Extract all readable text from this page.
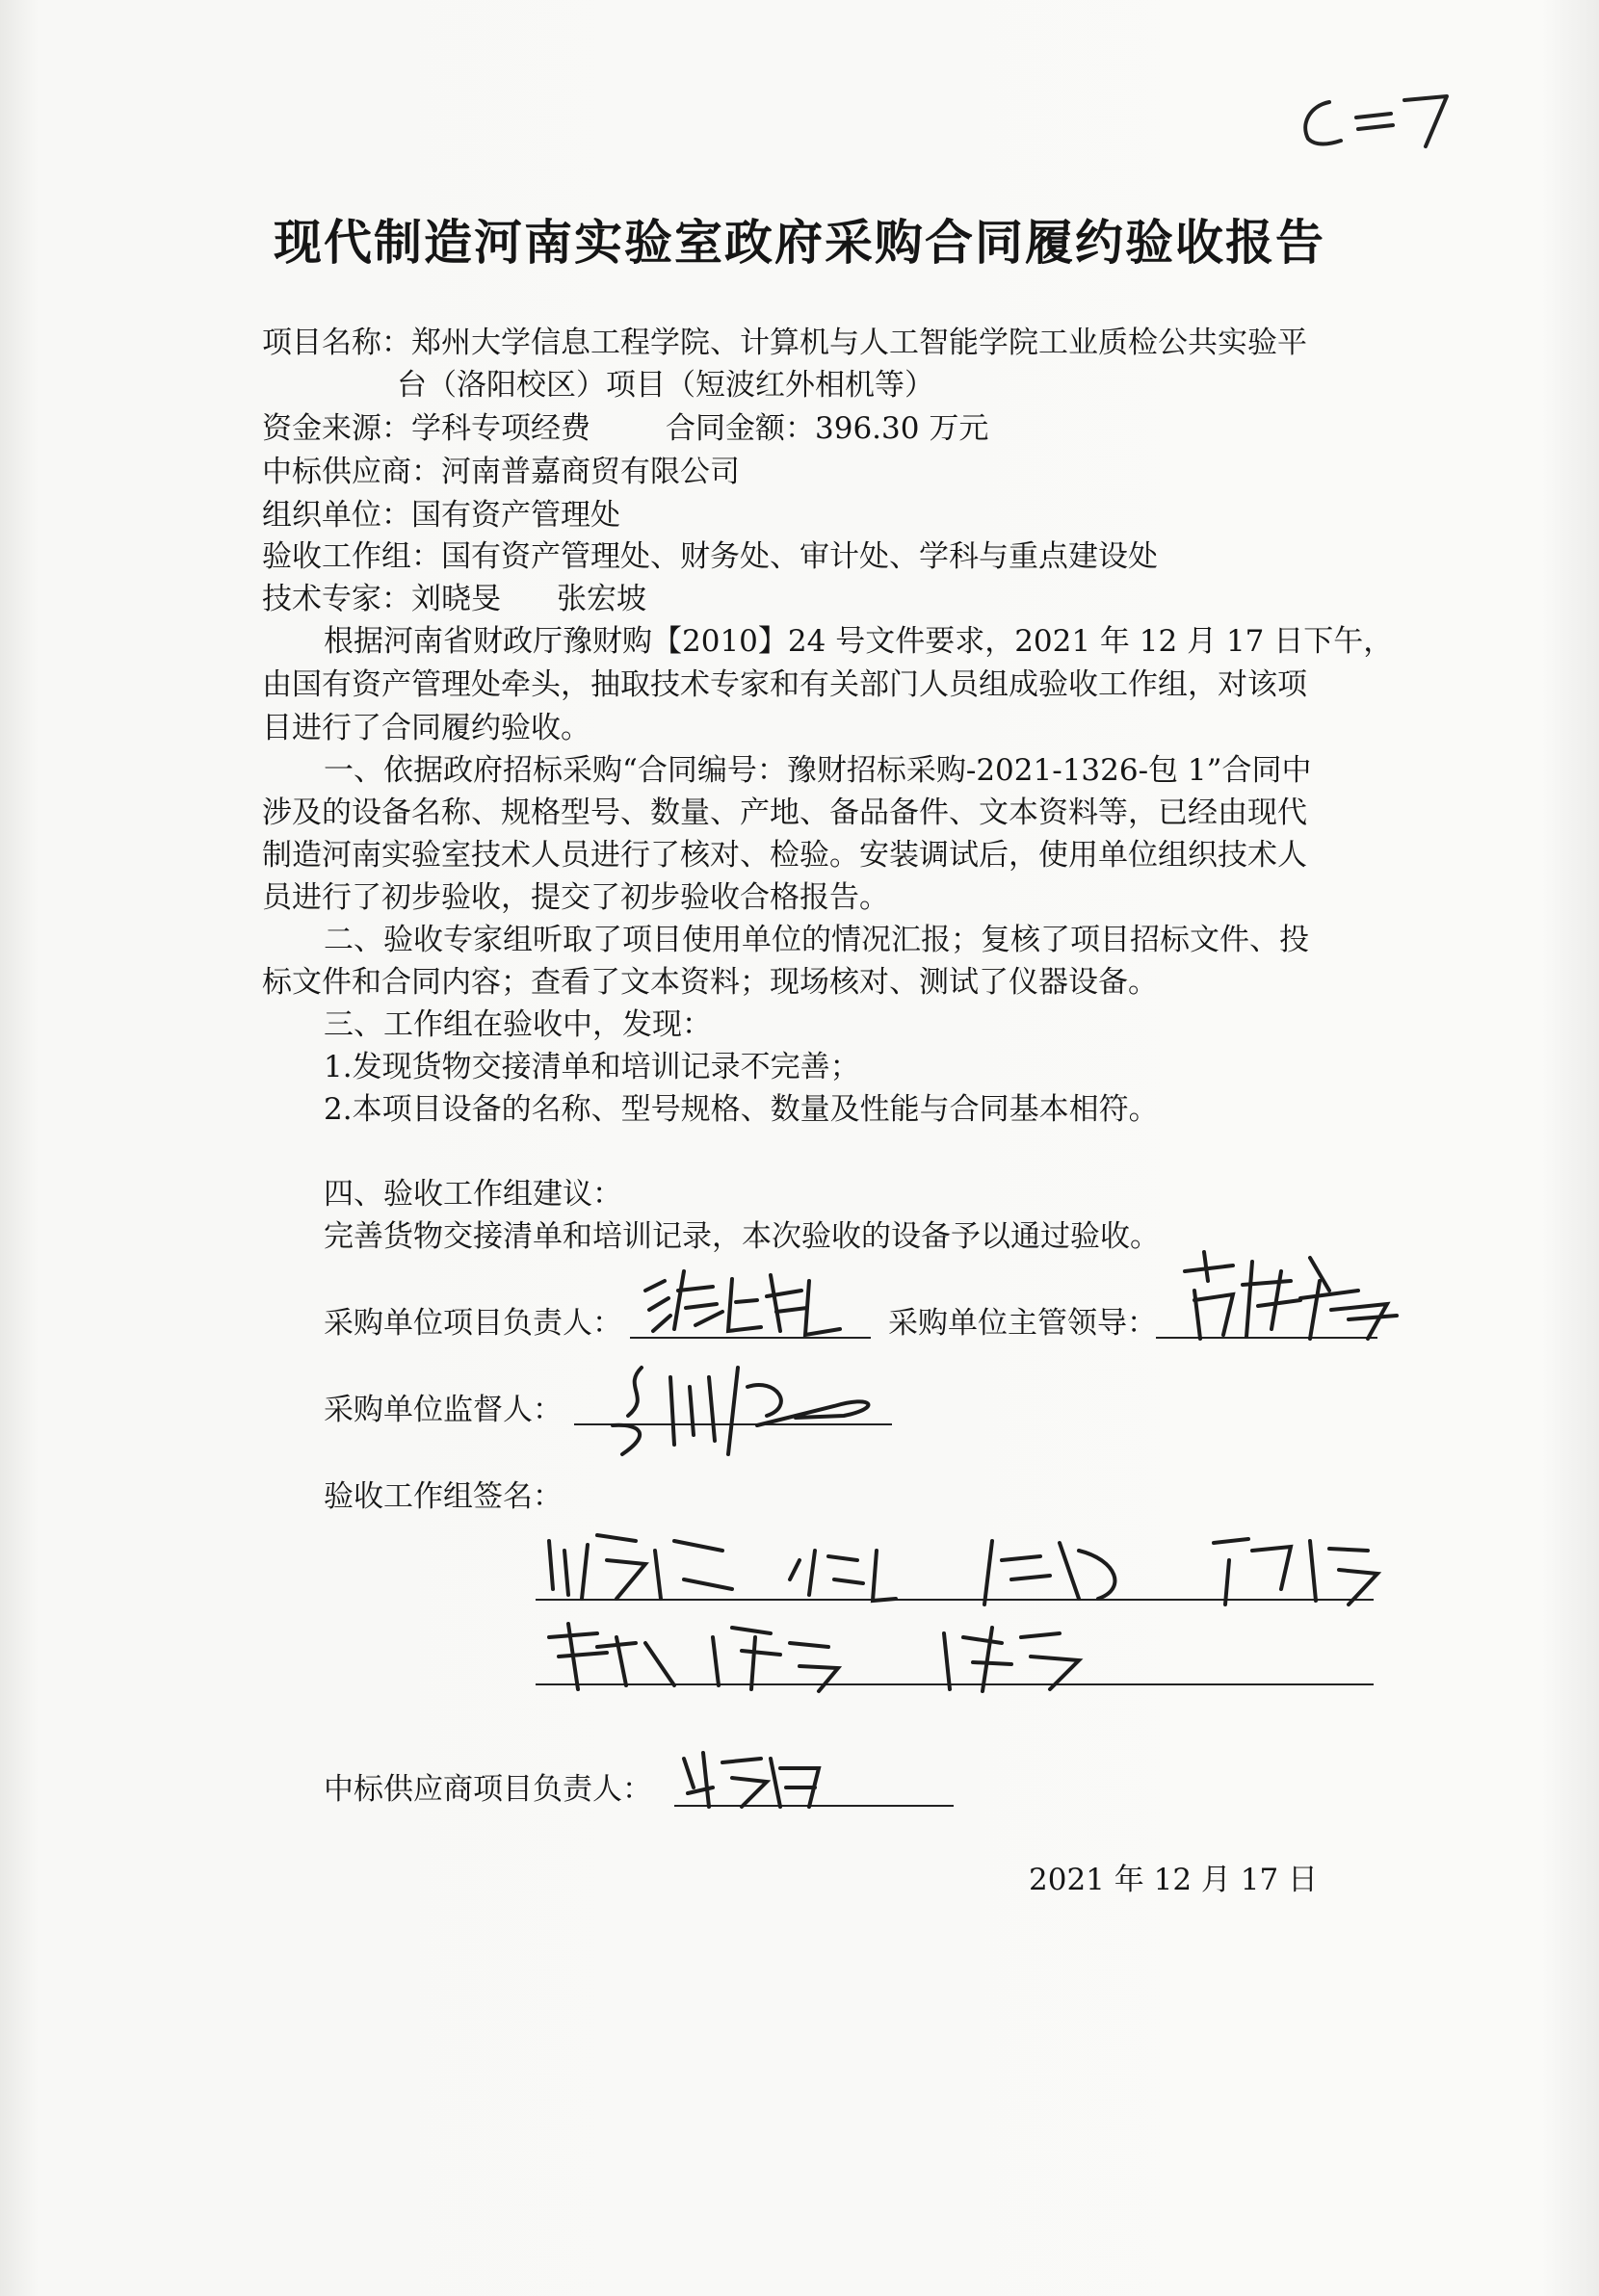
现代制造河南实验室政府采购合同履约验收报告
项目名称：郑州大学信息工程学院、计算机与人工智能学院工业质检公共实验平
台（洛阳校区）项目（短波红外相机等）
资金来源：学科专项经费	合同金额：396.30 万元
中标供应商：河南普嘉商贸有限公司
组织单位：国有资产管理处
验收工作组：国有资产管理处、财务处、审计处、学科与重点建设处
技术专家：刘晓旻 张宏坡
根据河南省财政厅豫财购【2010】24 号文件要求，2021 年 12 月 17 日下午，
由国有资产管理处牵头，抽取技术专家和有关部门人员组成验收工作组，对该项
目进行了合同履约验收。
一、依据政府招标采购“合同编号：豫财招标采购-2021-1326-包 1”合同中
涉及的设备名称、规格型号、数量、产地、备品备件、文本资料等，已经由现代
制造河南实验室技术人员进行了核对、检验。安装调试后，使用单位组织技术人
员进行了初步验收，提交了初步验收合格报告。
二、验收专家组听取了项目使用单位的情况汇报；复核了项目招标文件、投
标文件和合同内容；查看了文本资料；现场核对、测试了仪器设备。
三、工作组在验收中，发现：
1.发现货物交接清单和培训记录不完善；
2.本项目设备的名称、型号规格、数量及性能与合同基本相符。
四、验收工作组建议：
完善货物交接清单和培训记录，本次验收的设备予以通过验收。
采购单位项目负责人：	采购单位主管领导：
采购单位监督人：
验收工作组签名：
中标供应商项目负责人：
2021 年 12 月 17 日
